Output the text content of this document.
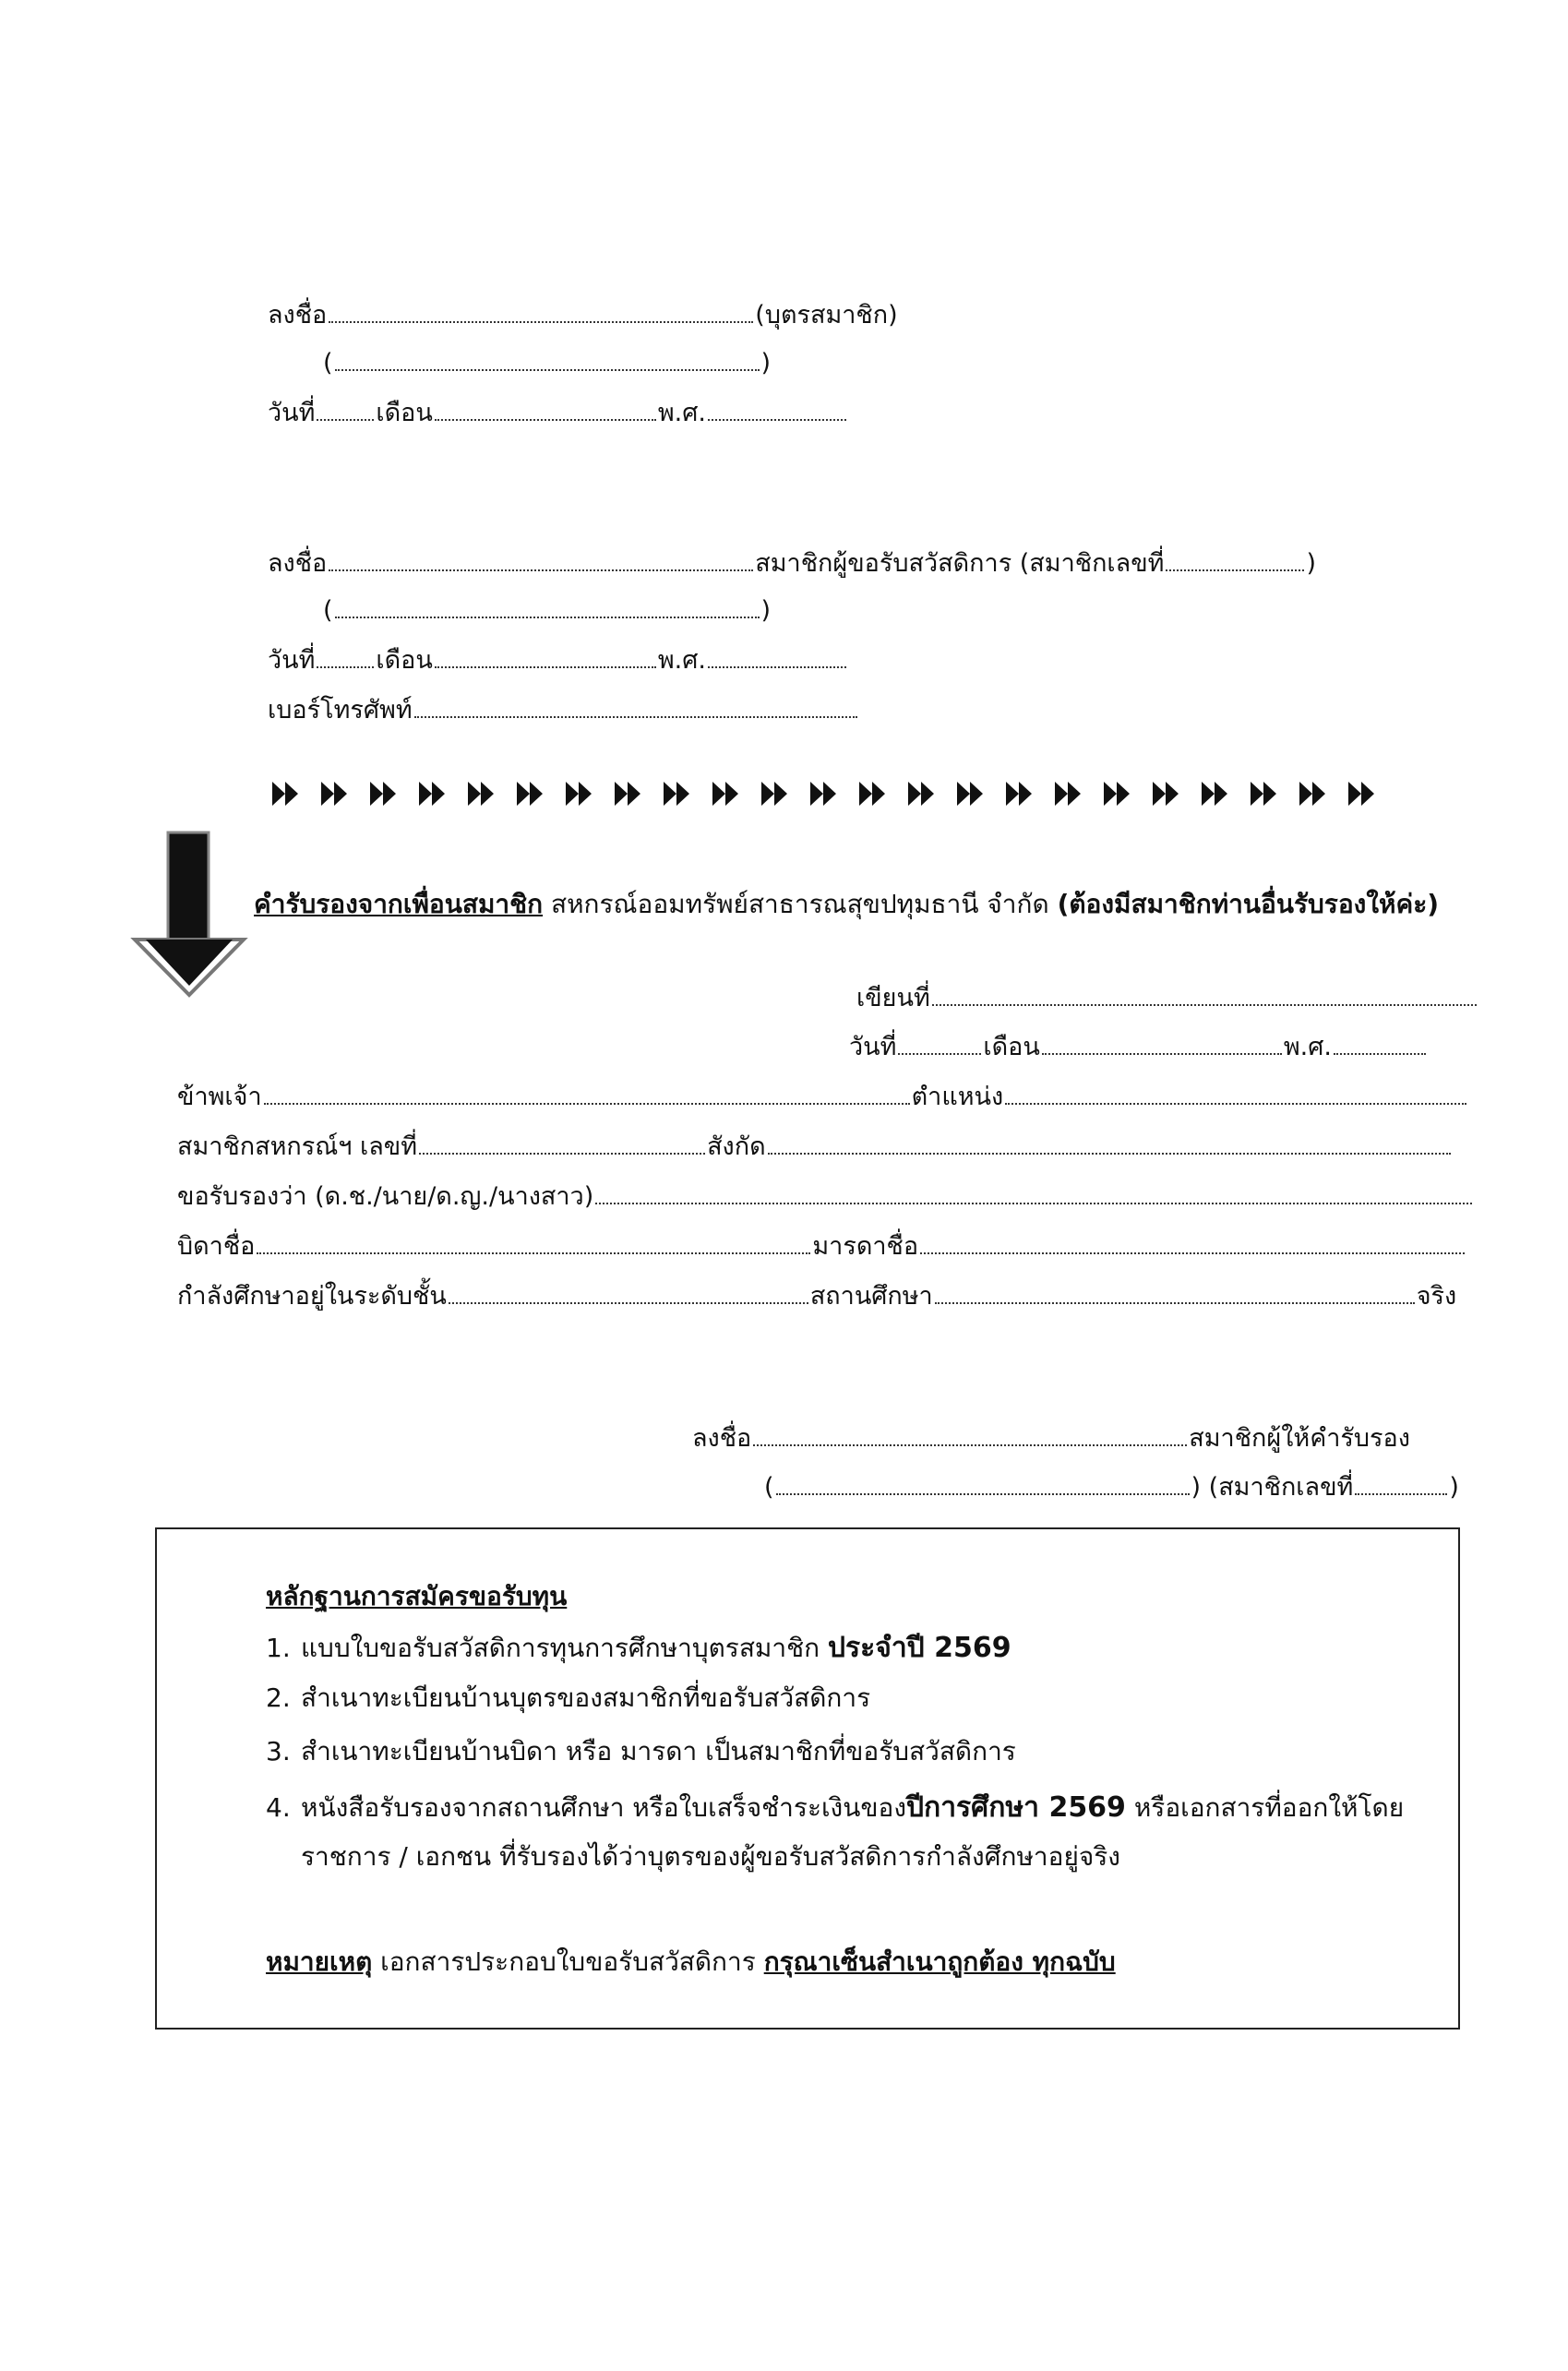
ลงชื่อ	(บุตรสมาชิก)
(	)
วันที่ เดือน	พ.ศ.
ลงชื่อ	สมาชิกผู้ขอรับสวัสดิการ (สมาชิกเลขที่	)
(	)
วันที่ เดือน	พ.ศ.
เบอร์โทรศัพท์
คำรับรองจากเพื่อนสมาชิก สหกรณ์ออมทรัพย์สาธารณสุขปทุมธานี จำกัด (ต้องมีสมาชิกท่านอื่นรับรองให้ค่ะ)
เขียนที่
วันที่	เดือน	พ.ศ.
ข้าพเจ้า	ตำแหน่ง
สมาชิกสหกรณ์ฯ เลขที่	สังกัด
ขอรับรองว่า (ด.ช./นาย/ด.ญ./นางสาว)
บิดาชื่อ	มารดาชื่อ
กำลังศึกษาอยู่ในระดับชั้น	สถานศึกษา	จริง
ลงชื่อ	สมาชิกผู้ให้คำรับรอง
(	) (สมาชิกเลขที่	)
หลักฐานการสมัครขอรับทุน
1. แบบใบขอรับสวัสดิการทุนการศึกษาบุตรสมาชิก ประจำปี 2569
2. สำเนาทะเบียนบ้านบุตรของสมาชิกที่ขอรับสวัสดิการ
3. สำเนาทะเบียนบ้านบิดา หรือ มารดา เป็นสมาชิกที่ขอรับสวัสดิการ
4. หนังสือรับรองจากสถานศึกษา หรือใบเสร็จชำระเงินของปีการศึกษา 2569 หรือเอกสารที่ออกให้โดย
ราชการ / เอกชน ที่รับรองได้ว่าบุตรของผู้ขอรับสวัสดิการกำลังศึกษาอยู่จริง
หมายเหตุ เอกสารประกอบใบขอรับสวัสดิการ กรุณาเซ็นสำเนาถูกต้อง ทุกฉบับ
